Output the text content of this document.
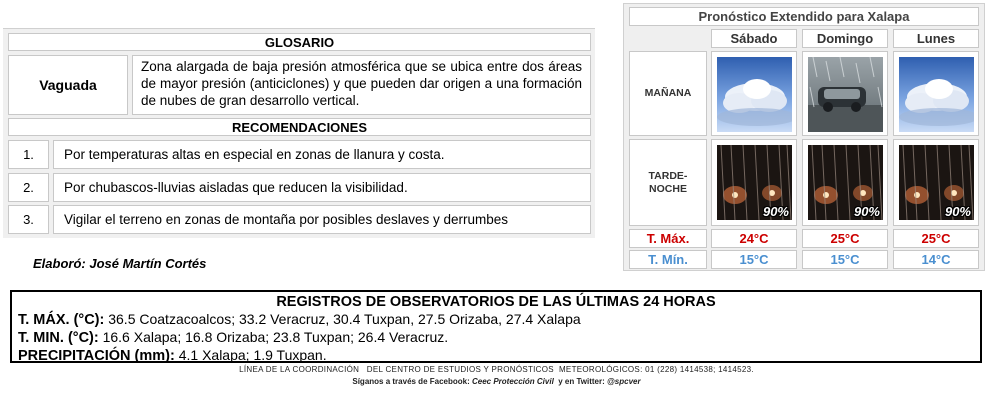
GLOSARIO
Vaguada
Zona alargada de baja presión atmosférica que se ubica entre dos áreas de mayor presión (anticiclones) y que pueden dar origen a una formación de nubes de gran desarrollo vertical.
RECOMENDACIONES
1.	Por temperaturas altas en especial en zonas de llanura y costa.
2.	Por chubascos-lluvias aisladas que reducen la visibilidad.
3.	Vigilar el terreno en zonas de montaña por posibles deslaves y derrumbes
Elaboró: José Martín Cortés
Pronóstico Extendido para Xalapa
Sábado	Domingo	Lunes
MAÑANA
TARDE-
NOCHE
90%	90%	90%
T. Máx.	24°C	25°C	25°C
T. Mín.	15°C	15°C	14°C
REGISTROS DE OBSERVATORIOS DE LAS ÚLTIMAS 24 HORAS
T. MÁX. (°C): 36.5 Coatzacoalcos; 33.2 Veracruz, 30.4 Tuxpan, 27.5 Orizaba, 27.4 Xalapa
T. MIN. (°C): 16.6 Xalapa; 16.8 Orizaba; 23.8 Tuxpan; 26.4 Veracruz.
PRECIPITACIÓN (mm): 4.1 Xalapa; 1.9 Tuxpan.
LÍNEA DE LA COORDINACIÓN   DEL CENTRO DE ESTUDIOS Y PRONÓSTICOS  METEOROLÓGICOS: 01 (228) 1414538; 1414523.
Síganos a través de Facebook: Ceec Protección Civil  y en Twitter: @spcver
